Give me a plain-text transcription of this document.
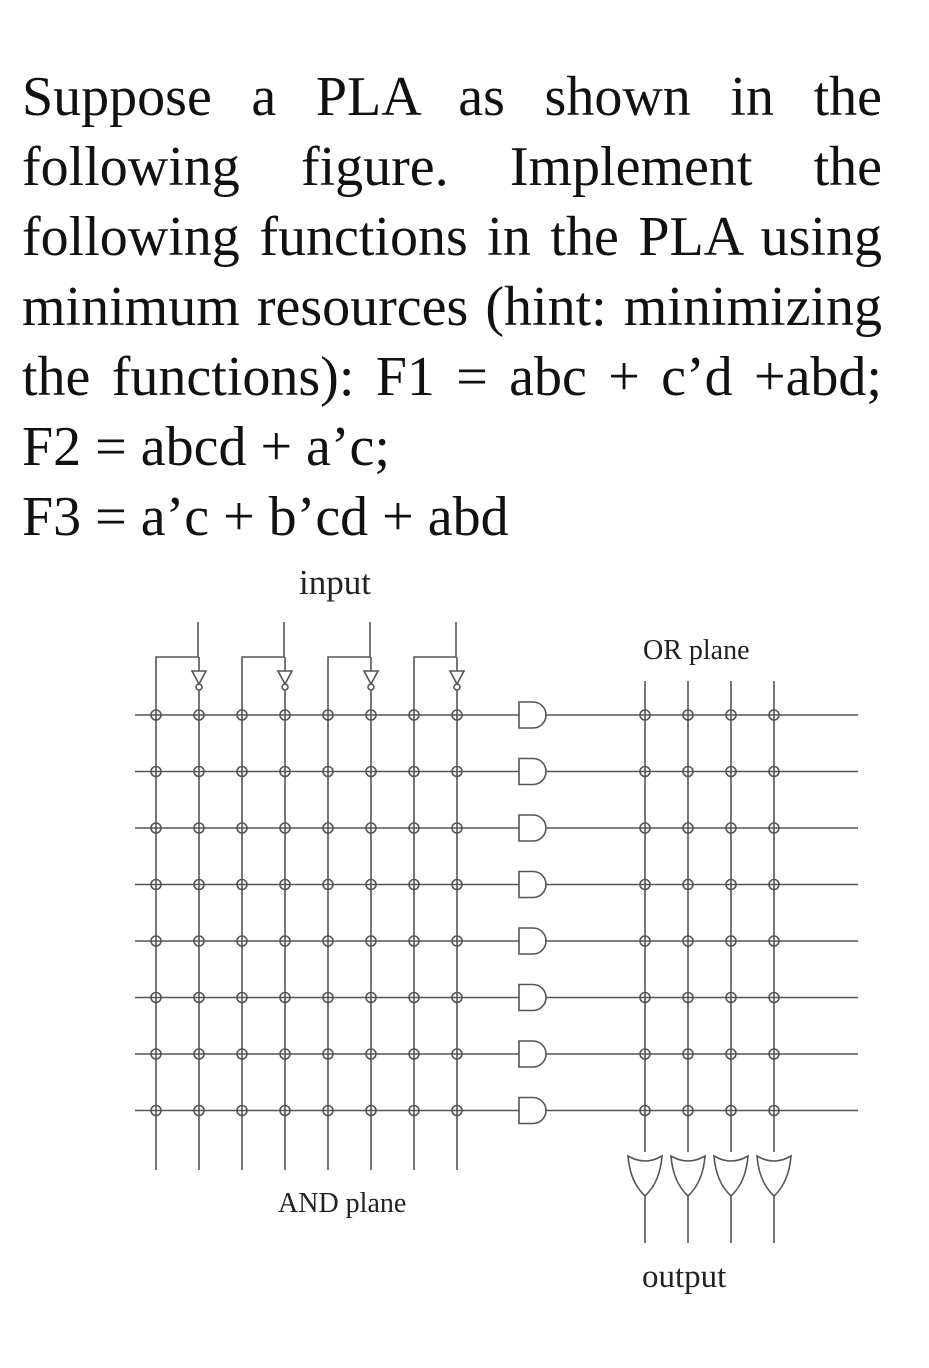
Suppose a PLA as shown in the following figure. Implement the following functions in the PLA using minimum resources (hint: minimizing the functions): F1 = abc + c’d +abd; F2 = abcd + a’c;
F3 = a’c + b’cd + abd

input
OR plane
AND plane
output
